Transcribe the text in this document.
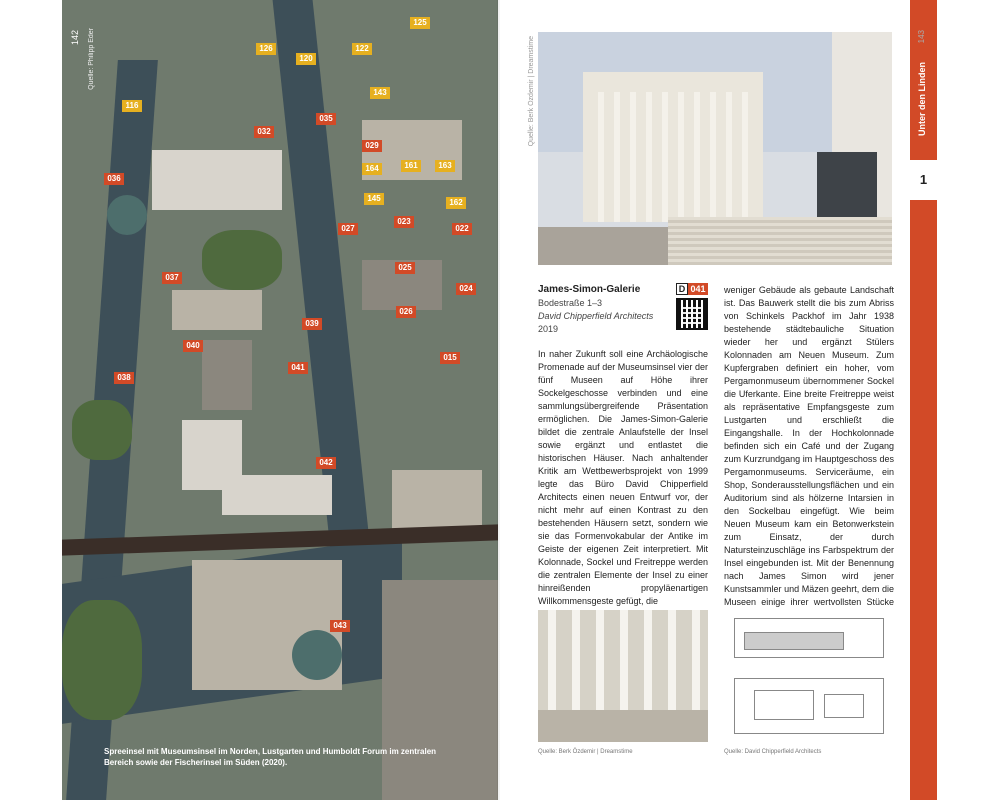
125
126	122
120
116
143
032
035
029
164	161	163
036
145	162
023
027	022
025
037
024
026
039
040
015
041
038
042
043
Spreeinsel mit Museumsinsel im Norden, Lustgarten und Humboldt Forum im zentralen Bereich sowie der Fischerinsel im Süden (2020).
142 Quelle: Philipp Eder	Quelle: Berk Özdemir | Dreamstime
James-Simon-Galerie
Bodestraße 1–3
David Chipperfield Architects
2019
D 041
In naher Zukunft soll eine Archäologische Promenade auf der Museumsinsel vier der fünf Museen auf Höhe ihrer Sockelgeschosse verbinden und eine sammlungsübergreifende Präsentation ermöglichen. Die James-Simon-Galerie bildet die zentrale Anlaufstelle der Insel sowie ergänzt und entlastet die historischen Häuser. Nach anhaltender Kritik am Wettbewerbsprojekt von 1999 legte das Büro David Chipperfield Architects einen neuen Entwurf vor, der nicht mehr auf einen Kontrast zu den bestehenden Häusern setzt, sondern wie sie das Formenvokabular der Antike im Geiste der eigenen Zeit interpretiert. Mit Kolonnade, Sockel und Freitreppe werden die zentralen Elemente der Insel zu einer hinreißenden propyläenartigen Willkommensgeste gefügt, die
weniger Gebäude als gebaute Landschaft ist. Das Bauwerk stellt die bis zum Abriss von Schinkels Packhof im Jahr 1938 bestehende städtebauliche Situation wieder her und ergänzt Stülers Kolonnaden am Neuen Museum. Zum Kupfergraben definiert ein hoher, vom Pergamonmuseum übernommener Sockel die Uferkante. Eine breite Freitreppe weist als repräsentative Empfangsgeste zum Lustgarten und erschließt die Eingangshalle. In der Hochkolonnade befinden sich ein Café und der Zugang zum Kurzrundgang im Hauptgeschoss des Pergamonmuseums. Serviceräume, ein Shop, Sonderausstellungsflächen und ein Auditorium sind als hölzerne Intarsien in den Sockelbau eingefügt. Wie beim Neuen Museum kam ein Betonwerkstein zum Einsatz, der durch Natursteinzuschläge ins Farbspektrum der Insel eingebunden ist. Mit der Benennung nach James Simon wird jener Kunstsammler und Mäzen geehrt, dem die Museen einige ihrer wertvollsten Stücke
Quelle: Berk Özdemir | Dreamstime	Quelle: David Chipperfield Architects
Unter den Linden
1
143
